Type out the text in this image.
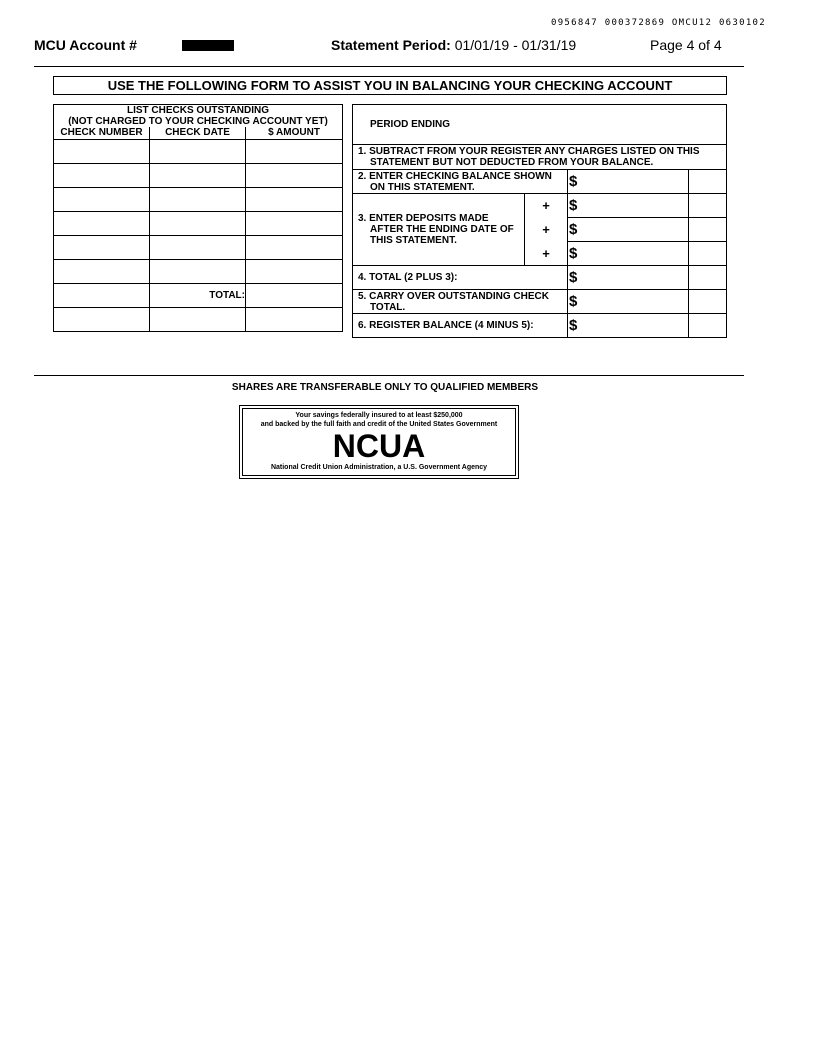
0956847 000372869 OMCU12 0630102
MCU Account #	Statement Period: 01/01/19 - 01/31/19	Page 4 of 4
USE THE FOLLOWING FORM TO ASSIST YOU IN BALANCING YOUR CHECKING ACCOUNT
LIST CHECKS OUTSTANDING		
(NOT CHARGED TO YOUR CHECKING ACCOUNT YET)		
CHECK NUMBER	CHECK DATE	$ AMOUNT

	TOTAL:	

PERIOD ENDING			

1. SUBTRACT FROM YOUR REGISTER ANY CHARGES LISTED ON THIS
STATEMENT BUT NOT DEDUCTED FROM YOUR BALANCE.			

2. ENTER CHECKING BALANCE SHOWN
ON THIS STATEMENT.		$	
3. ENTER DEPOSITS MADE
AFTER THE ENDING DATE OF
THIS STATEMENT.	+	$	
	+	$	
	+	$	
4. TOTAL (2 PLUS 3):		$	
5. CARRY OVER OUTSTANDING CHECK
TOTAL.		$	
6. REGISTER BALANCE (4 MINUS 5):		$	
SHARES ARE TRANSFERABLE ONLY TO QUALIFIED MEMBERS
Your savings federally insured to at least $250,000
and backed by the full faith and credit of the United States Government
NCUA
National Credit Union Administration, a U.S. Government Agency
